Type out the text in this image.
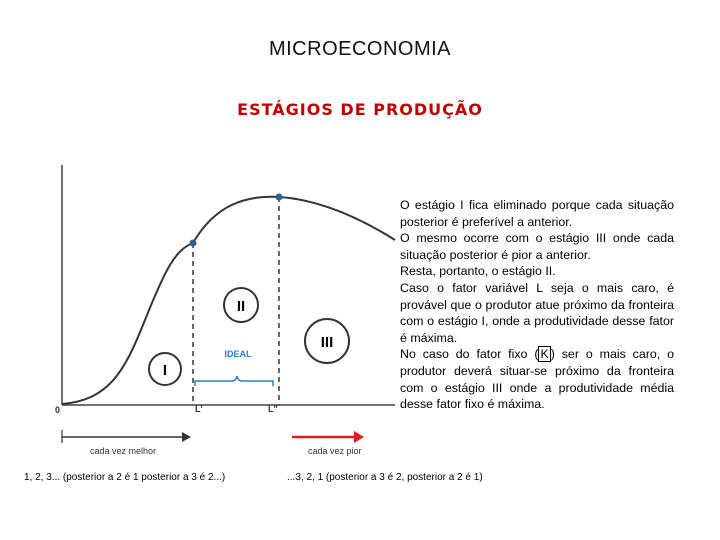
MICROECONOMIA
ESTÁGIOS DE PRODUÇÃO
0	L'	L"
I
II
III
IDEAL
cada vez melhor	cada vez pior

O estágio I fica eliminado porque cada situação posterior é preferível a anterior.

O mesmo ocorre com o estágio III onde cada situação posterior é pior a anterior.

Resta, portanto, o estágio II.

Caso o fator variável L seja o mais caro, é provável que o produtor atue próximo da fronteira com o estágio I, onde a produtividade desse fator é máxima.

No caso do fator fixo ( $\overline{K}$ ) ser o mais caro, o produtor deverá situar-se próximo da fronteira com o estágio III onde a produtividade média desse fator fixo é máxima.

1, 2, 3... (posterior a 2 é 1 posterior a 3 é 2...)	...3, 2, 1 (posterior a 3 é 2, posterior a 2 é 1)
